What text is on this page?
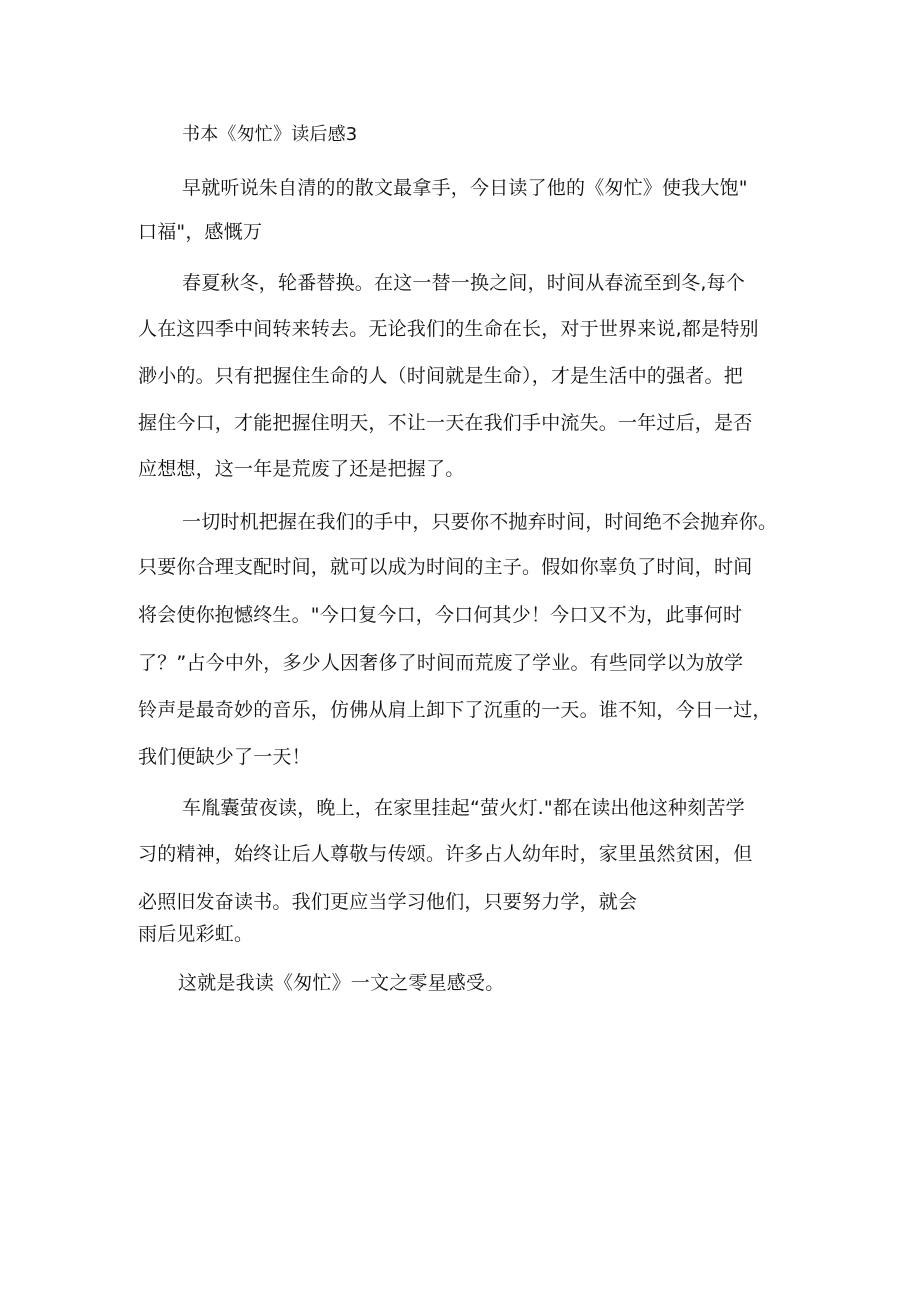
书本《匆忙》读后感3
早就听说朱自清的的散文最拿手，今日读了他的《匆忙》使我大饱"
口福"，感慨万
春夏秋冬，轮番替换。在这一替一换之间，时间从春流至到冬,每个
人在这四季中间转来转去。无论我们的生命在长，对于世界来说,都是特别
渺小的。只有把握住生命的人（时间就是生命），才是生活中的强者。把
握住今口，才能把握住明天，不让一天在我们手中流失。一年过后，是否
应想想，这一年是荒废了还是把握了。
一切时机把握在我们的手中，只要你不抛弃时间，时间绝不会抛弃你。
只要你合理支配时间，就可以成为时间的主子。假如你辜负了时间，时间
将会使你抱憾终生。"今口复今口，今口何其少！今口又不为，此事何时
了？”占今中外，多少人因奢侈了时间而荒废了学业。有些同学以为放学
铃声是最奇妙的音乐，仿佛从肩上卸下了沉重的一天。谁不知，今日一过，
我们便缺少了一天！
车胤囊萤夜读，晚上，在家里挂起“萤火灯."都在读出他这种刻苦学
习的精神，始终让后人尊敬与传颂。许多占人幼年时，家里虽然贫困，但
必照旧发奋读书。我们更应当学习他们，只要努力学，就会
雨后见彩虹。
这就是我读《匆忙》一文之零星感受。
